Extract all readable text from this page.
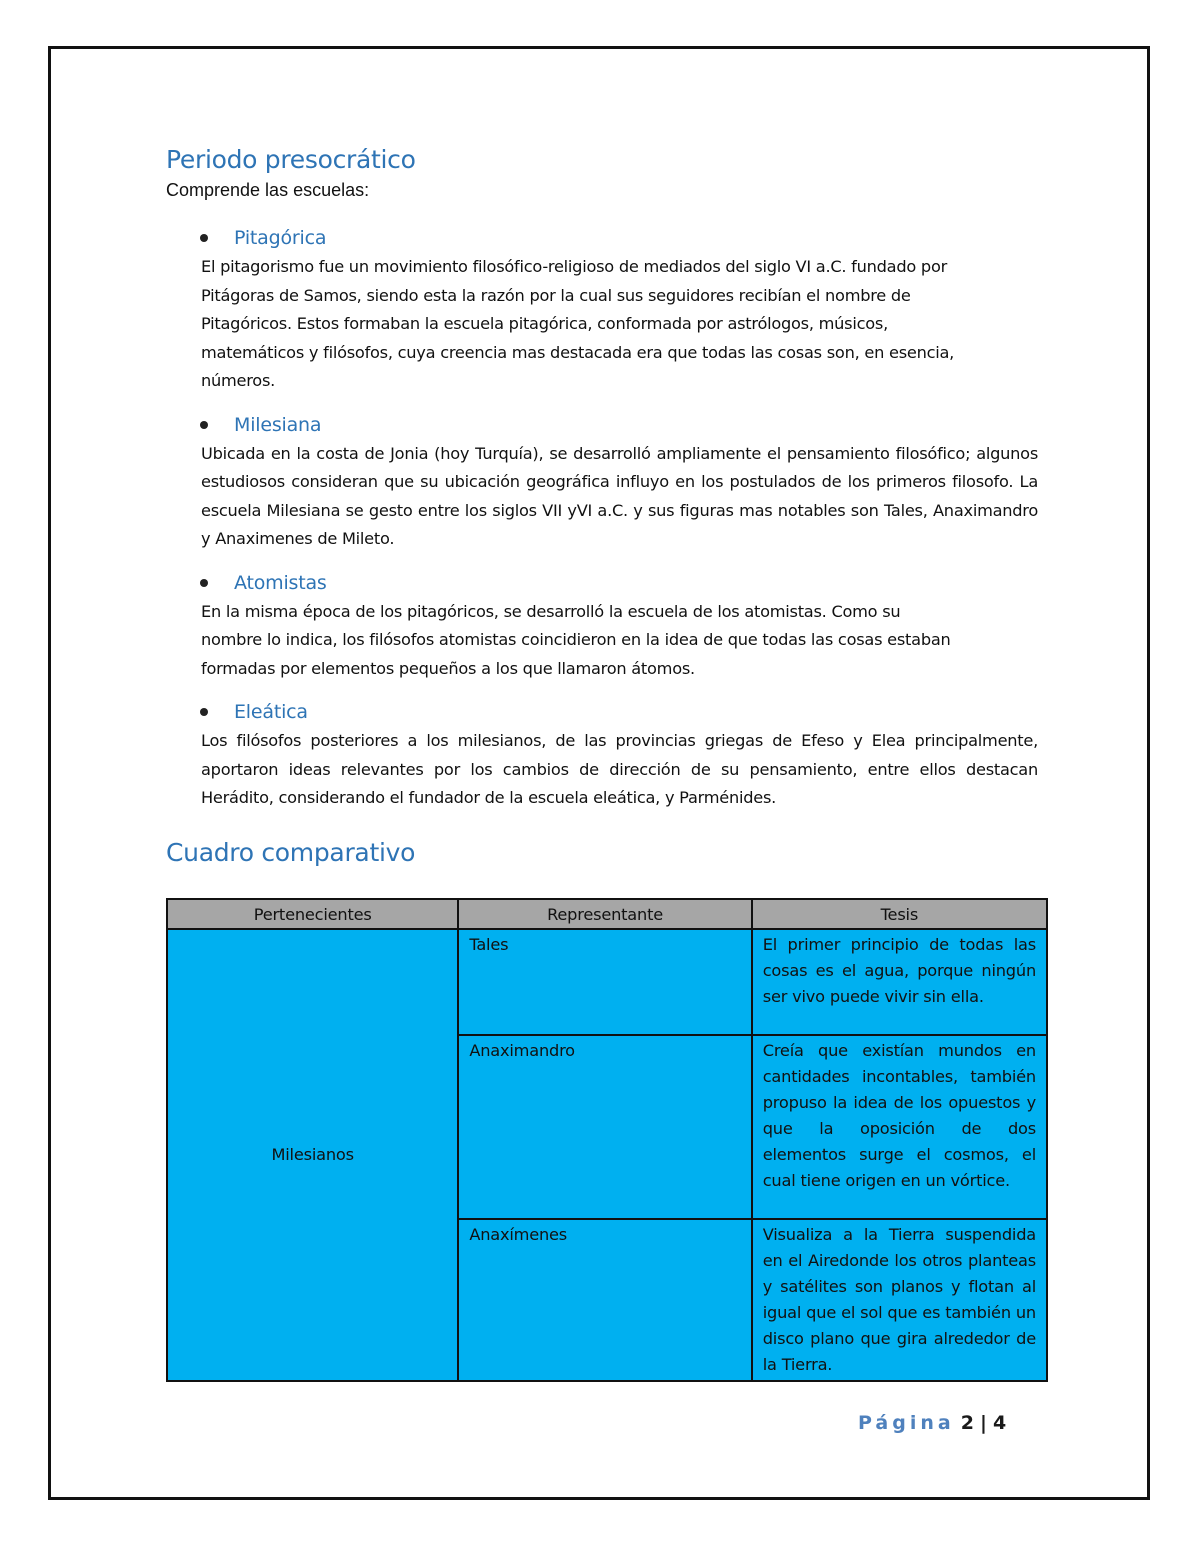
Periodo presocrático

Comprende las escuelas:

Pitagórica
El pitagorismo fue un movimiento filosófico-religioso de mediados del siglo VI a.C. fundado por
Pitágoras de Samos, siendo esta la razón por la cual sus seguidores recibían el nombre de
Pitagóricos. Estos formaban la escuela pitagórica, conformada por astrólogos, músicos,
matemáticos y filósofos, cuya creencia mas destacada era que todas las cosas son, en esencia,
números.
Milesiana
Ubicada en la costa de Jonia (hoy Turquía), se desarrolló ampliamente el pensamiento filosófico; algunos estudiosos consideran que su ubicación geográfica influyo en los postulados de los primeros filosofo. La escuela Milesiana se gesto entre los siglos VII yVI a.C. y sus figuras mas notables son Tales, Anaximandro y Anaximenes de Mileto.
Atomistas
En la misma época de los pitagóricos, se desarrolló la escuela de los atomistas. Como su
nombre lo indica, los filósofos atomistas coincidieron en la idea de que todas las cosas estaban
formadas por elementos pequeños a los que llamaron átomos.
Eleática
Los filósofos posteriores a los milesianos, de las provincias griegas de Efeso y Elea principalmente, aportaron ideas relevantes por los cambios de dirección de su pensamiento, entre ellos destacan Herádito, considerando el fundador de la escuela eleática, y Parménides.
Cuadro comparativo
Pertenecientes	Representante	Tesis
Milesianos	Tales	El primer principio de todas las cosas es el agua, porque ningún ser vivo puede vivir sin ella.
	Anaximandro	Creía que existían mundos en cantidades incontables, también propuso la idea de los opuestos y que la oposición de dos elementos surge el cosmos, el cual tiene origen en un vórtice.
	Anaxímenes	Visualiza a la Tierra suspendida en el Airedonde los otros planteas y satélites son planos y flotan al igual que el sol que es también un disco plano que gira alrededor de la Tierra.
Página 2 | 4
